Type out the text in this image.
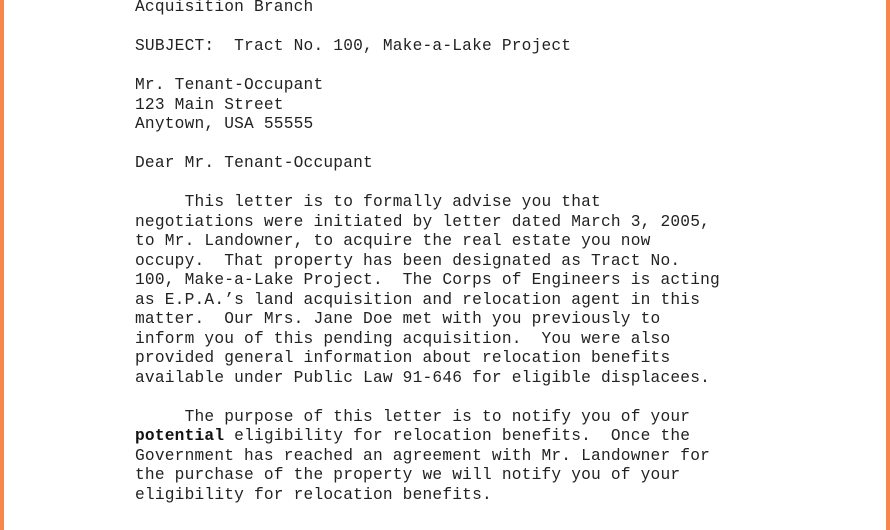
Acquisition Branch
SUBJECT:  Tract No. 100, Make-a-Lake Project
Mr. Tenant-Occupant
123 Main Street
Anytown, USA 55555
Dear Mr. Tenant-Occupant
This letter is to formally advise you that
negotiations were initiated by letter dated March 3, 2005,
to Mr. Landowner, to acquire the real estate you now
occupy.  That property has been designated as Tract No.
100, Make-a-Lake Project.  The Corps of Engineers is acting
as E.P.A.’s land acquisition and relocation agent in this
matter.  Our Mrs. Jane Doe met with you previously to
inform you of this pending acquisition.  You were also
provided general information about relocation benefits
available under Public Law 91-646 for eligible displacees.
The purpose of this letter is to notify you of your
potential eligibility for relocation benefits.  Once the
Government has reached an agreement with Mr. Landowner for
the purchase of the property we will notify you of your
eligibility for relocation benefits.
